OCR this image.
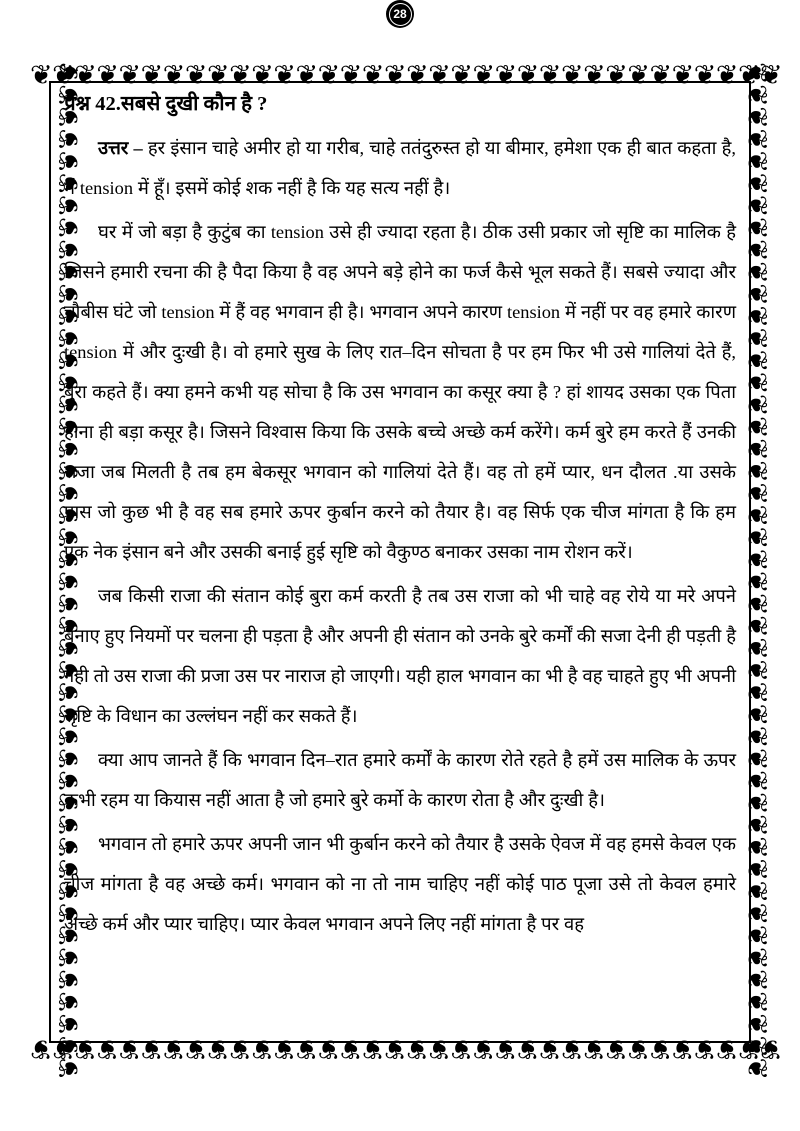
❦❦❦❦❦❦❦❦❦❦❦❦❦❦❦❦❦❦❦❦❦❦❦❦❦❦❦❦❦❦❦❦❦❦
❦❦❦❦❦❦❦❦❦❦❦❦❦❦❦❦❦❦❦❦❦❦❦❦❦❦❦❦❦❦❦❦❦❦
❦❦❦❦❦❦❦❦❦❦❦❦❦❦❦❦❦❦❦❦❦❦❦❦❦❦❦❦❦❦❦❦❦❦❦❦❦❦❦❦❦❦❦❦❦❦	❦❦❦❦❦❦❦❦❦❦❦❦❦❦❦❦❦❦❦❦❦❦❦❦❦❦❦❦❦❦❦❦❦❦❦❦❦❦❦❦❦❦❦❦❦❦
प्रश्न 42.सबसे दुखी कौन है ?

उत्तर – हर इंसान चाहे अमीर हो या गरीब, चाहे ततंदुरुस्त हो या बीमार, हमेशा एक ही बात कहता है, मैं tension में हूँ। इसमें कोई शक नहीं है कि यह सत्य नहीं है।

घर में जो बड़ा है कुटुंब का tension उसे ही ज्यादा रहता है। ठीक उसी प्रकार जो सृष्टि का मालिक है जिसने हमारी रचना की है पैदा किया है वह अपने बड़े होने का फर्ज कैसे भूल सकते हैं। सबसे ज्यादा और चौबीस घंटे जो tension में हैं वह भगवान ही है। भगवान अपने कारण tension में नहीं पर वह हमारे कारण tension में और दुःखी है। वो हमारे सुख के लिए रात–दिन सोचता है पर हम फिर भी उसे गालियां देते हैं, बुरा कहते हैं। क्या हमने कभी यह सोचा है कि उस भगवान का कसूर क्या है ? हां शायद उसका एक पिता होना ही बड़ा कसूर है। जिसने विश्वास किया कि उसके बच्चे अच्छे कर्म करेंगे। कर्म बुरे हम करते हैं उनकी सजा जब मिलती है तब हम बेकसूर भगवान को गालियां देते हैं। वह तो हमें प्यार, धन दौलत .या उसके पास जो कुछ भी है वह सब हमारे ऊपर कुर्बान करने को तैयार है। वह सिर्फ एक चीज मांगता है कि हम एक नेक इंसान बने और उसकी बनाई हुई सृष्टि को वैकुण्ठ बनाकर उसका नाम रोशन करें।

जब किसी राजा की संतान कोई बुरा कर्म करती है तब उस राजा को भी चाहे वह रोये या मरे अपने बनाए हुए नियमों पर चलना ही पड़ता है और अपनी ही संतान को उनके बुरे कर्मों की सजा देनी ही पड़ती है नही तो उस राजा की प्रजा उस पर नाराज हो जाएगी। यही हाल भगवान का भी है वह चाहते हुए भी अपनी सृष्टि के विधान का उल्लंघन नहीं कर सकते हैं।

क्या आप जानते हैं कि भगवान दिन–रात हमारे कर्मों के कारण रोते रहते है हमें उस मालिक के ऊपर कभी रहम या कियास नहीं आता है जो हमारे बुरे कर्मो के कारण रोता है और दुःखी है।

भगवान तो हमारे ऊपर अपनी जान भी कुर्बान करने को तैयार है उसके ऐवज में वह हमसे केवल एक चीज मांगता है वह अच्छे कर्म। भगवान को ना तो नाम चाहिए नहीं कोई पाठ पूजा उसे तो केवल हमारे अच्छे कर्म और प्यार चाहिए। प्यार केवल भगवान अपने लिए नहीं मांगता है पर वह

28
